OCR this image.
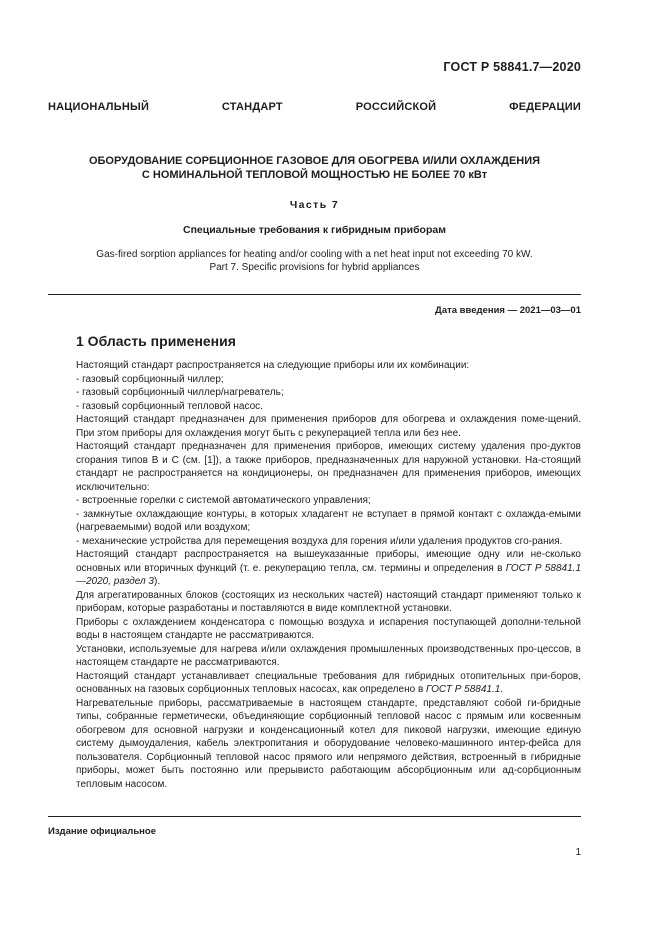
ГОСТ Р 58841.7—2020
НАЦИОНАЛЬНЫЙ СТАНДАРТ РОССИЙСКОЙ ФЕДЕРАЦИИ
ОБОРУДОВАНИЕ СОРБЦИОННОЕ ГАЗОВОЕ ДЛЯ ОБОГРЕВА И/ИЛИ ОХЛАЖДЕНИЯ
С НОМИНАЛЬНОЙ ТЕПЛОВОЙ МОЩНОСТЬЮ НЕ БОЛЕЕ 70 кВт
Часть 7
Специальные требования к гибридным приборам
Gas-fired sorption appliances for heating and/or cooling with a net heat input not exceeding 70 kW.
Part 7. Specific provisions for hybrid appliances
Дата введения — 2021—03—01
1 Область применения

Настоящий стандарт распространяется на следующие приборы или их комбинации:

- газовый сорбционный чиллер;

- газовый сорбционный чиллер/нагреватель;

- газовый сорбционный тепловой насос.

Настоящий стандарт предназначен для применения приборов для обогрева и охлаждения поме-щений. При этом приборы для охлаждения могут быть с рекуперацией тепла или без нее.

Настоящий стандарт предназначен для применения приборов, имеющих систему удаления про-дуктов сгорания типов В и С (см. [1]), а также приборов, предназначенных для наружной установки. На-стоящий стандарт не распространяется на кондиционеры, он предназначен для применения приборов, имеющих исключительно:

- встроенные горелки с системой автоматического управления;

- замкнутые охлаждающие контуры, в которых хладагент не вступает в прямой контакт с охлажда-емыми (нагреваемыми) водой или воздухом;

- механические устройства для перемещения воздуха для горения и/или удаления продуктов сго-рания.

Настоящий стандарт распространяется на вышеуказанные приборы, имеющие одну или не-сколько основных или вторичных функций (т. е. рекуперацию тепла, см. термины и определения в ГОСТ Р 58841.1—2020, раздел 3).

Для агрегатированных блоков (состоящих из нескольких частей) настоящий стандарт применяют только к приборам, которые разработаны и поставляются в виде комплектной установки.

Приборы с охлаждением конденсатора с помощью воздуха и испарения поступающей дополни-тельной воды в настоящем стандарте не рассматриваются.

Установки, используемые для нагрева и/или охлаждения промышленных производственных про-цессов, в настоящем стандарте не рассматриваются.

Настоящий стандарт устанавливает специальные требования для гибридных отопительных при-боров, основанных на газовых сорбционных тепловых насосах, как определено в ГОСТ Р 58841.1.

Нагревательные приборы, рассматриваемые в настоящем стандарте, представляют собой ги-бридные типы, собранные герметически, объединяющие сорбционный тепловой насос с прямым или косвенным обогревом для основной нагрузки и конденсационный котел для пиковой нагрузки, имеющие единую систему дымоудаления, кабель электропитания и оборудование человеко-машинного интер-фейса для пользователя. Сорбционный тепловой насос прямого или непрямого действия, встроенный в гибридные приборы, может быть постоянно или прерывисто работающим абсорбционным или ад-сорбционным тепловым насосом.

Издание официальное
1
